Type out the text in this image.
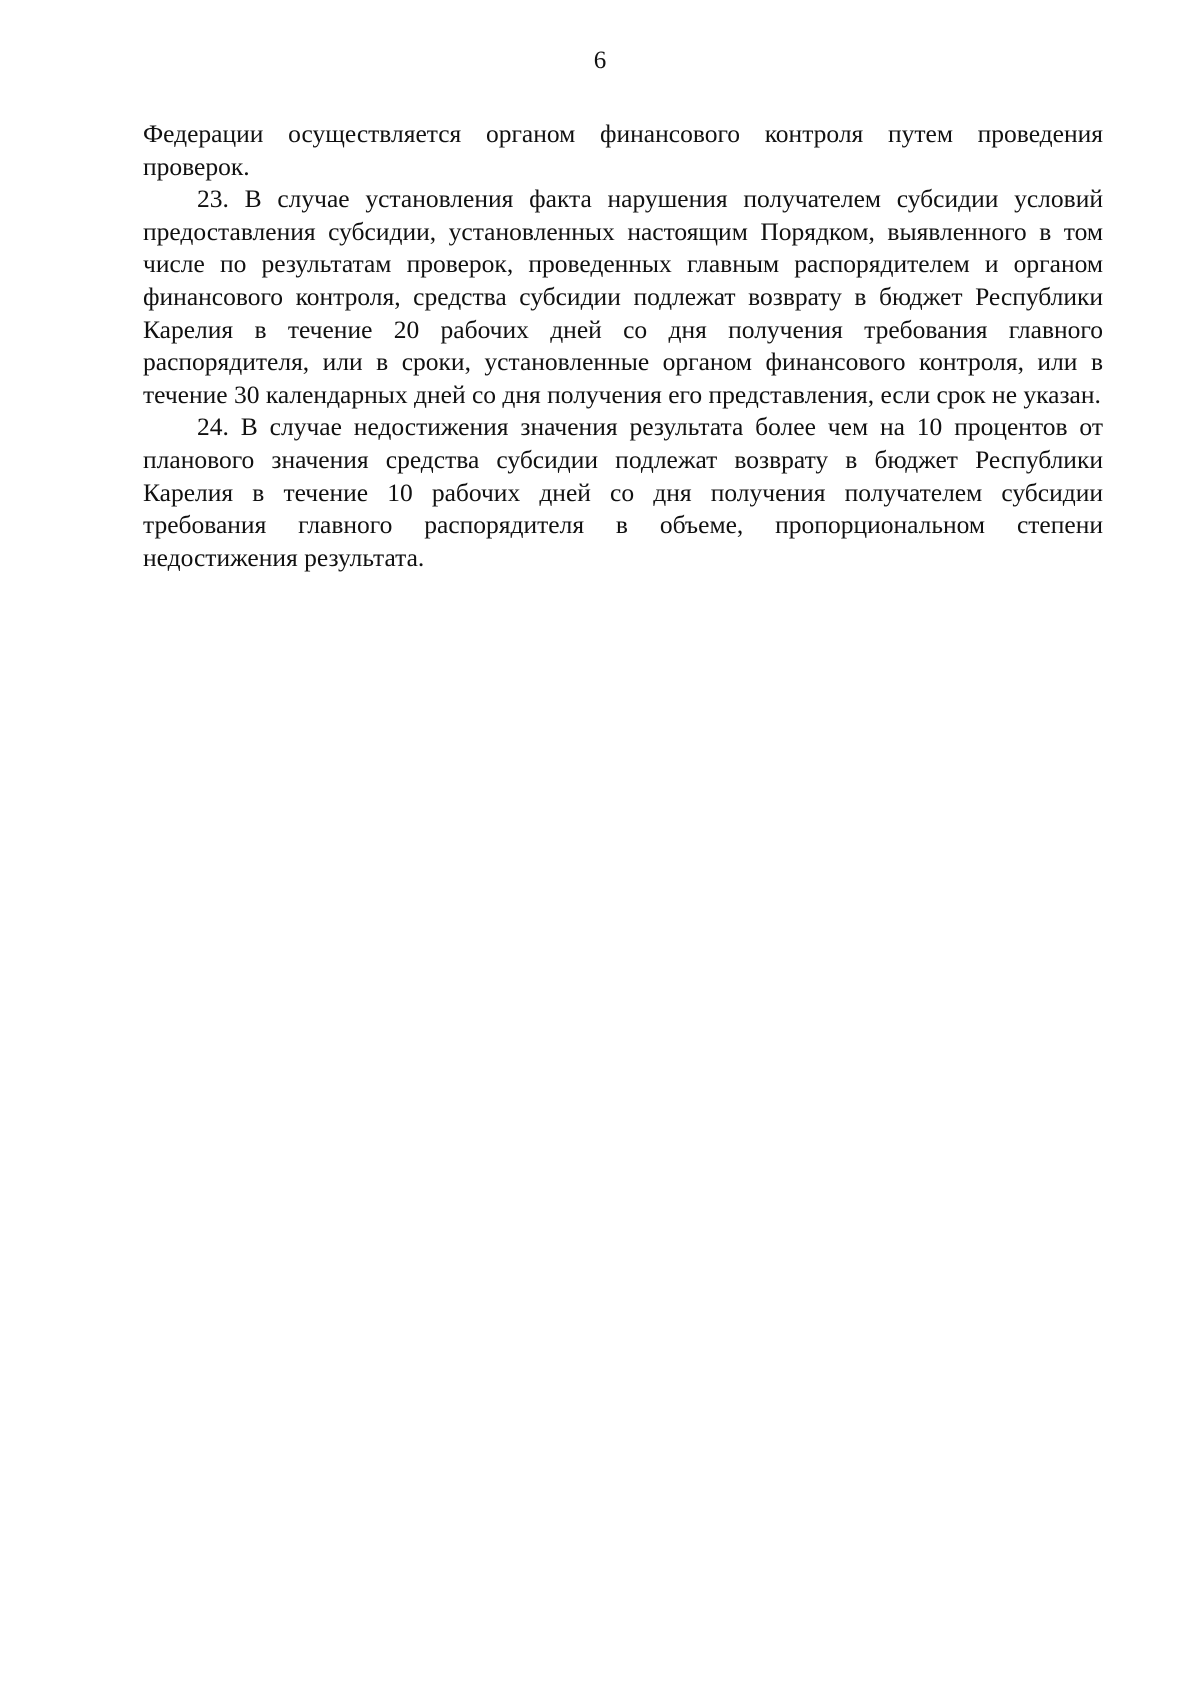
6

Федерации осуществляется органом финансового контроля путем проведения проверок.

23. В случае установления факта нарушения получателем субсидии условий предоставления субсидии, установленных настоящим Порядком, выявленного в том числе по результатам проверок, проведенных главным распорядителем и органом финансового контроля, средства субсидии подлежат возврату в бюджет Республики Карелия в течение 20 рабочих дней со дня получения требования главного распорядителя, или в сроки, установленные органом финансового контроля, или в течение 30 календарных дней со дня получения его представления, если срок не указан.

24. В случае недостижения значения результата более чем на 10 процентов от планового значения средства субсидии подлежат возврату в бюджет Республики Карелия в течение 10 рабочих дней со дня получения получателем субсидии требования главного распорядителя в объеме, пропорциональном степени недостижения результата.
